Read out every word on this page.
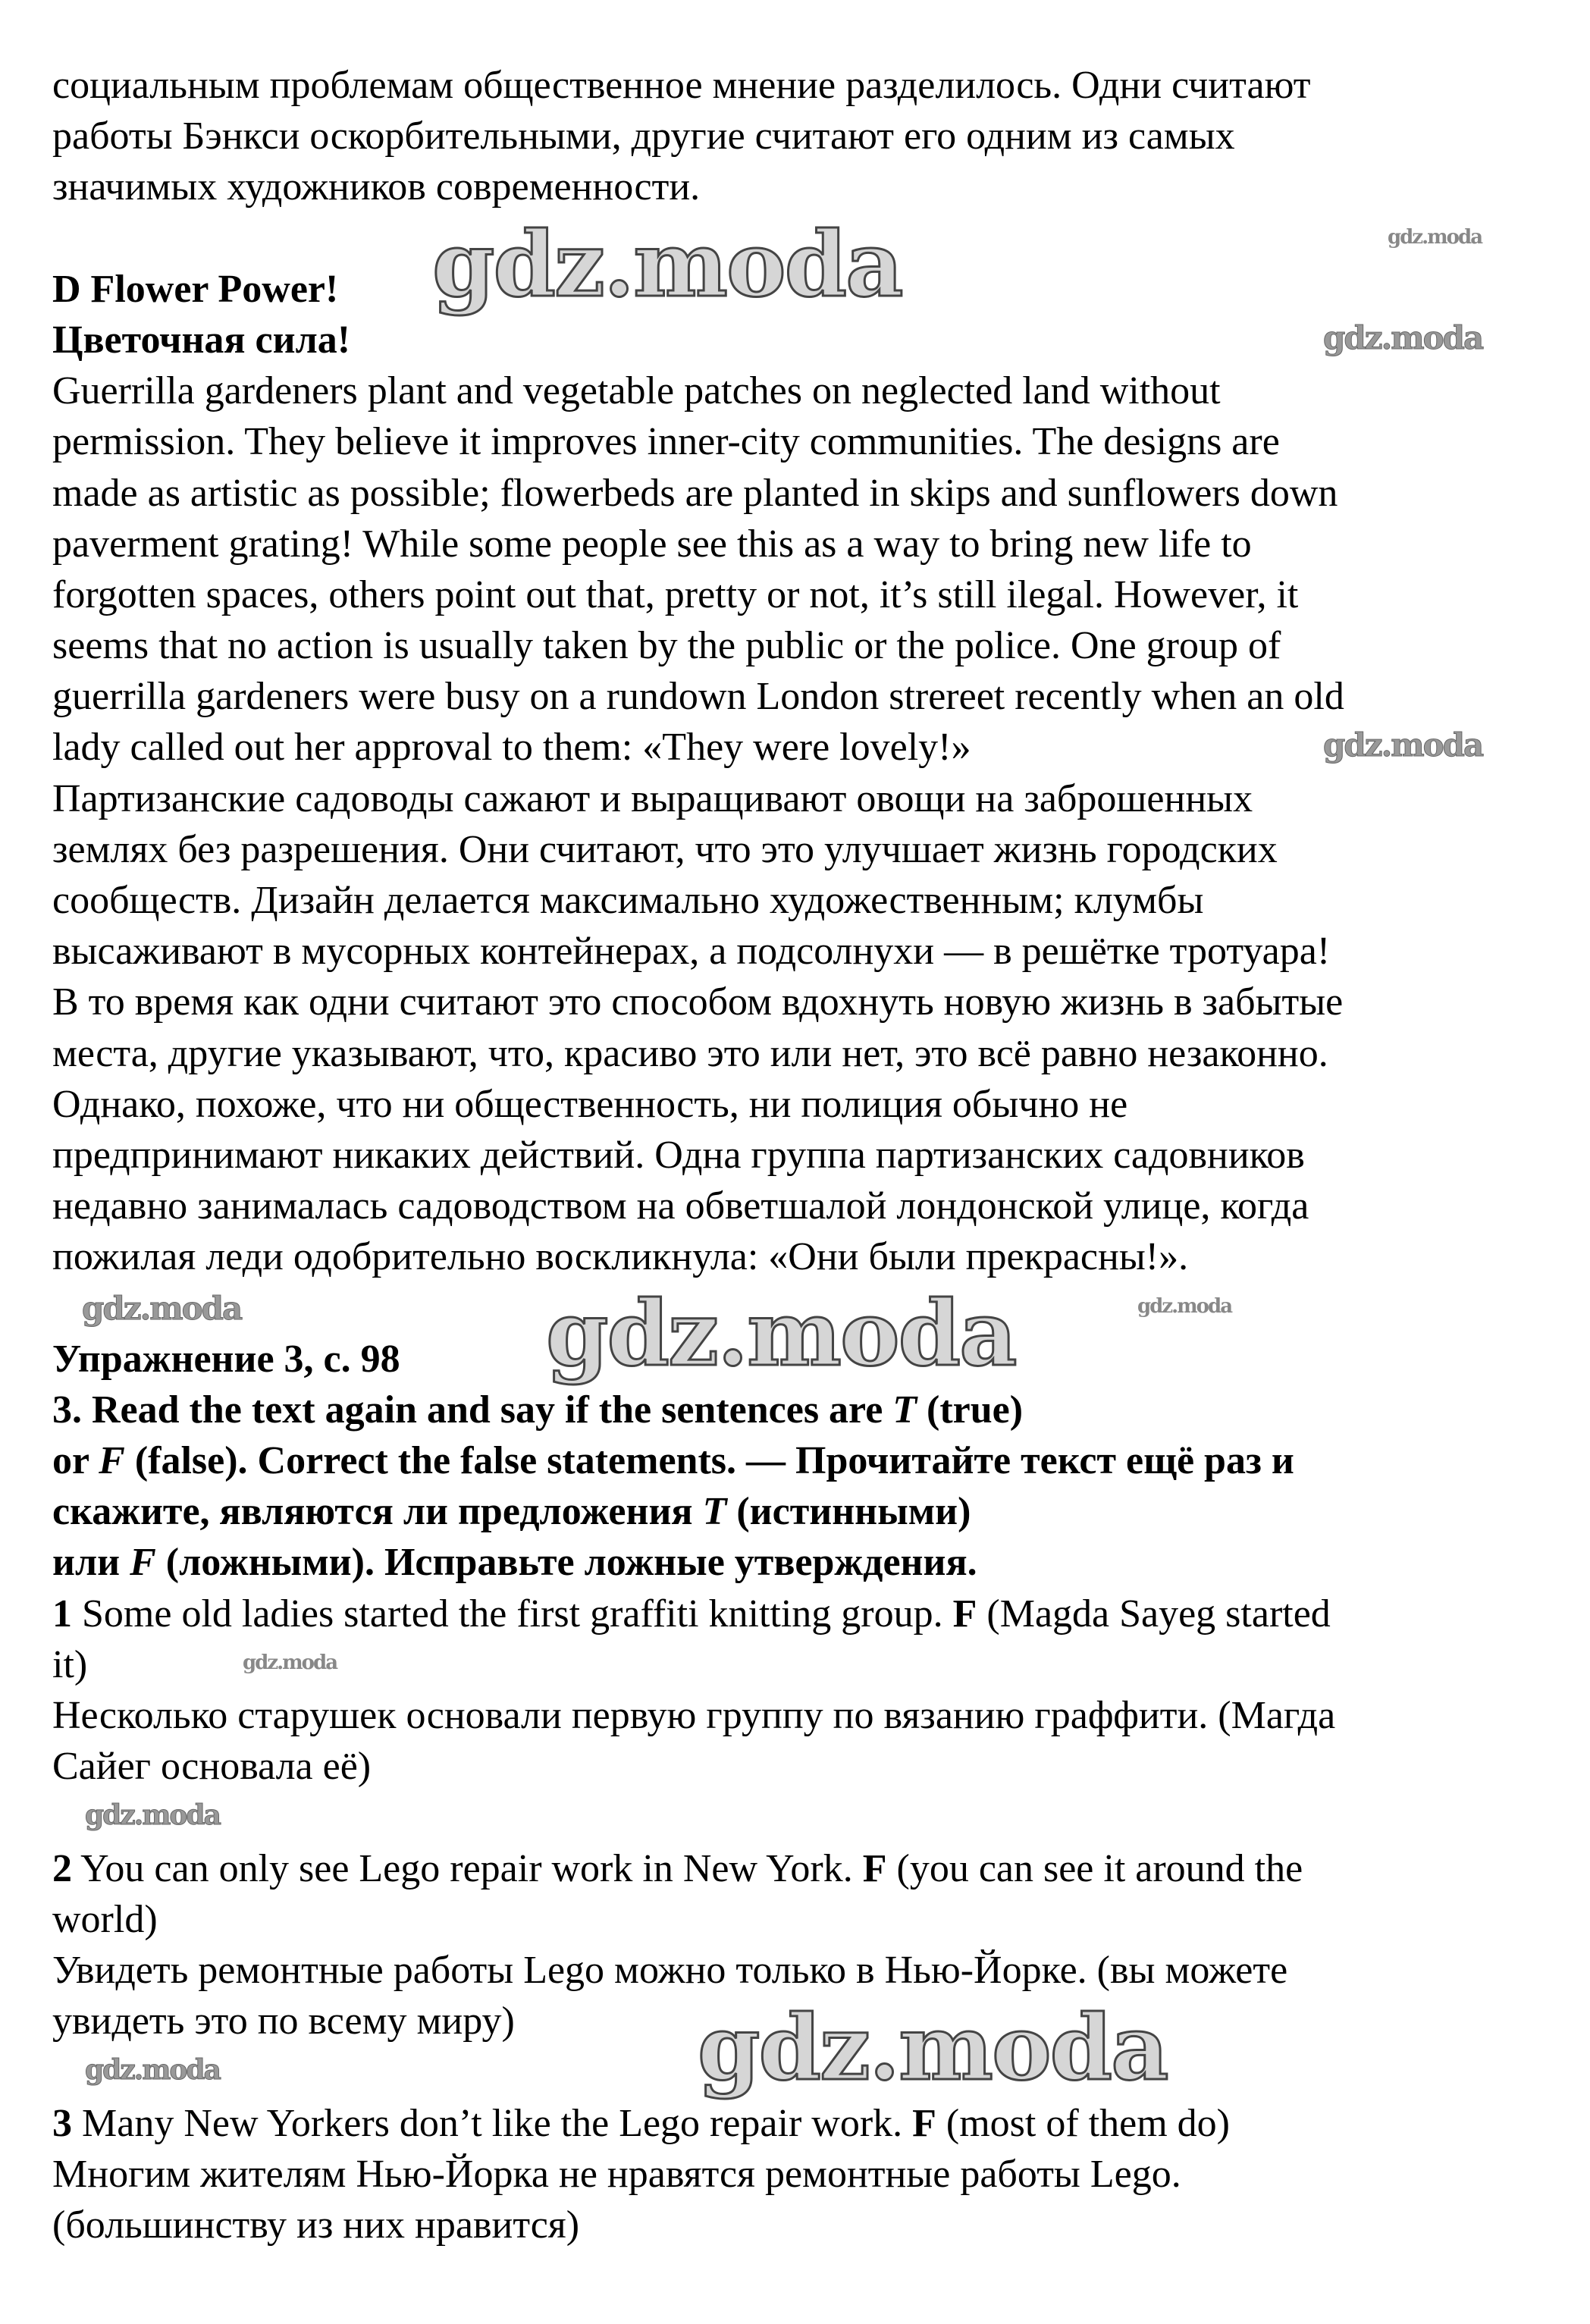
социальным проблемам общественное мнение разделилось. Одни считают
работы Бэнкси оскорбительными, другие считают его одним из самых
значимых художников современности.
D Flower Power!
Цветочная сила!
Guerrilla gardeners plant and vegetable patches on neglected land without
permission. They believe it improves inner-city communities. The designs are
made as artistic as possible; flowerbeds are planted in skips and sunflowers down
paverment grating! While some people see this as a way to bring new life to
forgotten spaces, others point out that, pretty or not, it’s still ilegal. However, it
seems that no action is usually taken by the public or the police. One group of
guerrilla gardeners were busy on a rundown London strereet recently when an old
lady called out her approval to them: «They were lovely!»
Партизанские садоводы сажают и выращивают овощи на заброшенных
землях без разрешения. Они считают, что это улучшает жизнь городских
сообществ. Дизайн делается максимально художественным; клумбы
высаживают в мусорных контейнерах, а подсолнухи — в решётке тротуара!
В то время как одни считают это способом вдохнуть новую жизнь в забытые
места, другие указывают, что, красиво это или нет, это всё равно незаконно.
Однако, похоже, что ни общественность, ни полиция обычно не
предпринимают никаких действий. Одна группа партизанских садовников
недавно занималась садоводством на обветшалой лондонской улице, когда
пожилая леди одобрительно воскликнула: «Они были прекрасны!».
Упражнение 3, с. 98
3. Read the text again and say if the sentences are T (true)
or F (false). Correct the false statements. — Прочитайте текст ещё раз и
скажите, являются ли предложения T (истинными)
или F (ложными). Исправьте ложные утверждения.
1 Some old ladies started the first graffiti knitting group. F (Magda Sayeg started
it)
Несколько старушек основали первую группу по вязанию граффити. (Магда
Сайег основала её)
2 You can only see Lego repair work in New York. F (you can see it around the
world)
Увидеть ремонтные работы Lego можно только в Нью-Йорке. (вы можете
увидеть это по всему миру)
3 Many New Yorkers don’t like the Lego repair work. F (most of them do)
Многим жителям Нью-Йорка не нравятся ремонтные работы Lego.
(большинству из них нравится)
gdz.moda
gdz.moda
gdz.moda
gdz.moda
gdz.moda
gdz.moda	gdz.moda
gdz.moda
gdz.moda
gdz.moda
gdz.moda
